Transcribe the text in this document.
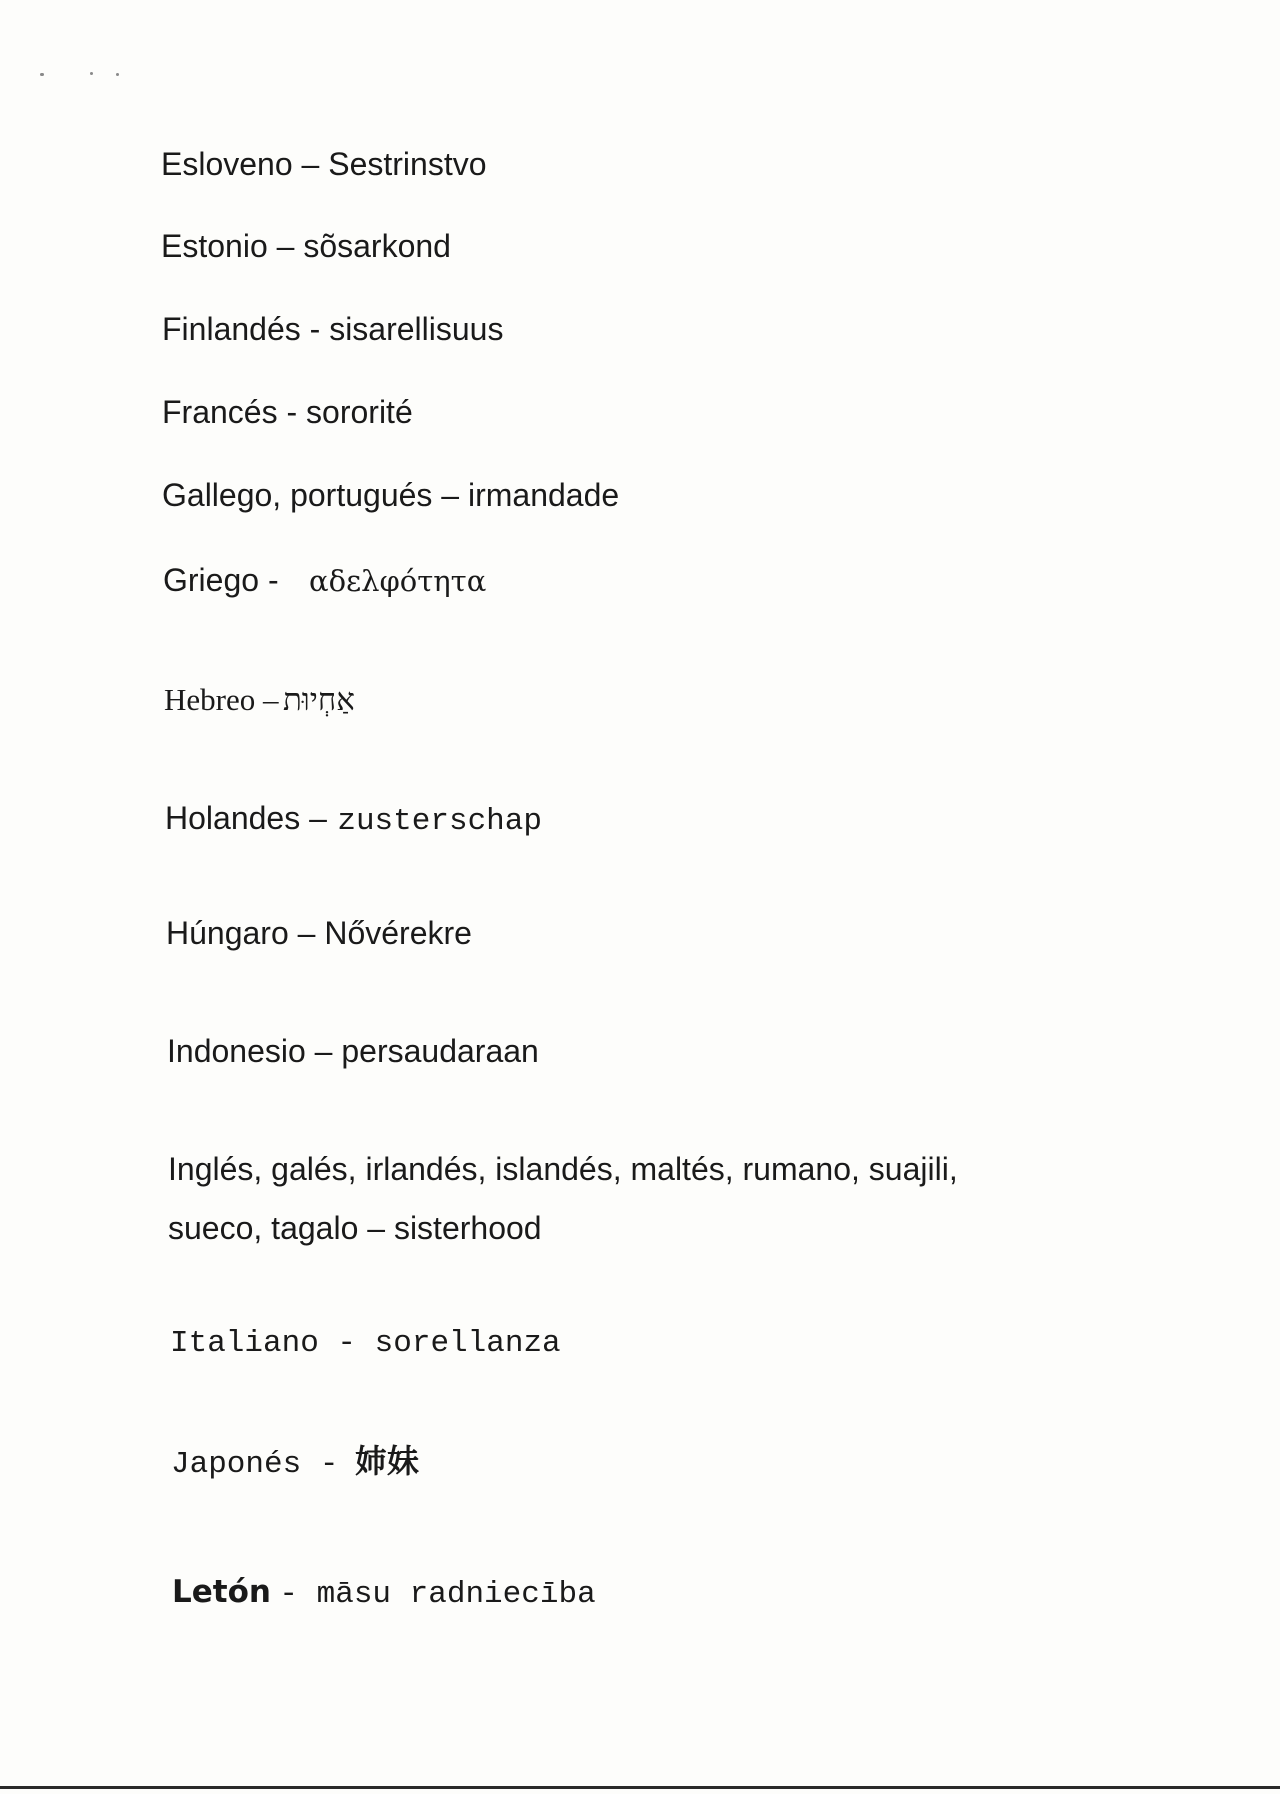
Esloveno – Sestrinstvo
Estonio – sõsarkond
Finlandés - sisarellisuus
Francés - sororité
Gallego, portugués – irmandade
Griego - αδελφότητα
Hebreo – אַחְיוּת
Holandes – zusterschap
Húngaro – Nővérekre
Indonesio – persaudaraan
Inglés, galés, irlandés, islandés, maltés, rumano, suajili,
sueco, tagalo – sisterhood
Italiano - sorellanza
Japonés - 姉妹
Letón - māsu radniecība
